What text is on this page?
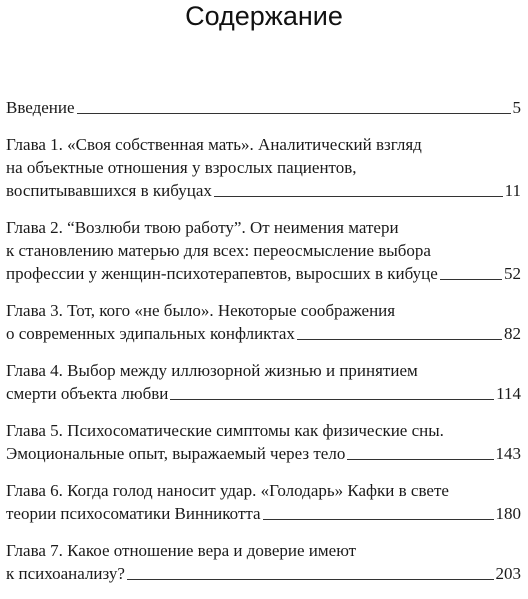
Содержание
Введение	5
Глава 1. «Своя собственная мать». Аналитический взгляд
на объектные отношения у взрослых пациентов,
воспитывавшихся в кибуцах	11
Глава 2. “Возлюби твою работу”. От неимения матери
к становлению матерью для всех: переосмысление выбора
профессии у женщин-психотерапевтов, выросших в кибуце	52
Глава 3. Тот, кого «не было». Некоторые соображения
о современных эдипальных конфликтах	82
Глава 4. Выбор между иллюзорной жизнью и принятием
смерти объекта любви	114
Глава 5. Психосоматические симптомы как физические сны.
Эмоциональные опыт, выражаемый через тело	143
Глава 6. Когда голод наносит удар. «Голодарь» Кафки в свете
теории психосоматики Винникотта	180
Глава 7. Какое отношение вера и доверие имеют
к психоанализу?	203
